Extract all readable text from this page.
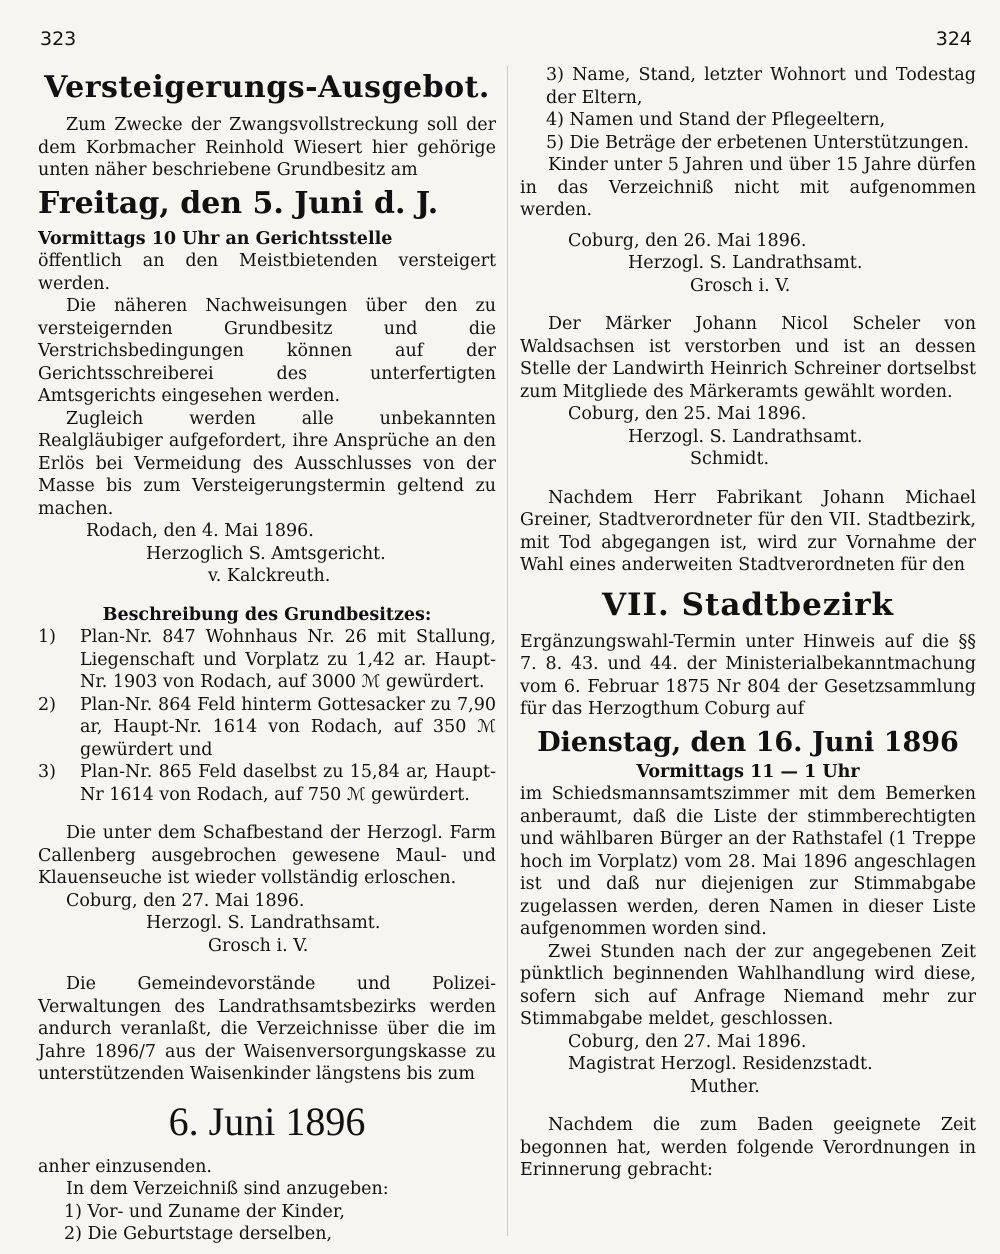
323	324
Versteigerungs-Ausgebot.

Zum Zwecke der Zwangsvollstreckung soll der dem Korbmacher Reinhold Wiesert hier gehörige unten näher beschriebene Grundbesitz am

Freitag, den 5. Juni d. J.

Vormittags 10 Uhr an Gerichtsstelle

öffentlich an den Meistbietenden versteigert werden.

Die näheren Nachweisungen über den zu versteigernden Grundbesitz und die Verstrichsbedingungen können auf der Gerichtsschreiberei des unterfertigten Amtsgerichts eingesehen werden.

Zugleich werden alle unbekannten Realgläubiger aufgefordert, ihre Ansprüche an den Erlös bei Vermeidung des Ausschlusses von der Masse bis zum Versteigerungstermin geltend zu machen.

Rodach, den 4. Mai 1896.

Herzoglich S. Amtsgericht.

v. Kalckreuth.

Beschreibung des Grundbesitzes:

1)	Plan-Nr. 847 Wohnhaus Nr. 26 mit Stallung, Liegenschaft und Vorplatz zu 1,42 ar. Haupt-Nr. 1903 von Rodach, auf 3000 ℳ gewürdert.
2)	Plan-Nr. 864 Feld hinterm Gottesacker zu 7,90 ar, Haupt-Nr. 1614 von Rodach, auf 350 ℳ gewürdert und
3)	Plan-Nr. 865 Feld daselbst zu 15,84 ar, Haupt-Nr 1614 von Rodach, auf 750 ℳ gewürdert.

Die unter dem Schafbestand der Herzogl. Farm Callenberg ausgebrochen gewesene Maul- und Klauenseuche ist wieder vollständig erloschen.

Coburg, den 27. Mai 1896.

Herzogl. S. Landrathsamt.

Grosch i. V.

Die Gemeindevorstände und Polizei-Verwaltungen des Landrathsamtsbezirks werden andurch veranlaßt, die Verzeichnisse über die im Jahre 1896/7 aus der Waisenversorgungskasse zu unterstützenden Waisenkinder längstens bis zum

6. Juni 1896

anher einzusenden.

In dem Verzeichniß sind anzugeben:

1) Vor- und Zuname der Kinder,

2) Die Geburtstage derselben,

3) Name, Stand, letzter Wohnort und Todestag der Eltern,

4) Namen und Stand der Pflegeeltern,

5) Die Beträge der erbetenen Unterstützungen.

Kinder unter 5 Jahren und über 15 Jahre dürfen in das Verzeichniß nicht mit aufgenommen werden.

Coburg, den 26. Mai 1896.

Herzogl. S. Landrathsamt.

Grosch i. V.

Der Märker Johann Nicol Scheler von Waldsachsen ist verstorben und ist an dessen Stelle der Landwirth Heinrich Schreiner dortselbst zum Mitgliede des Märkeramts gewählt worden.

Coburg, den 25. Mai 1896.

Herzogl. S. Landrathsamt.

Schmidt.

Nachdem Herr Fabrikant Johann Michael Greiner, Stadtverordneter für den VII. Stadtbezirk, mit Tod abgegangen ist, wird zur Vornahme der Wahl eines anderweiten Stadtverordneten für den

VII. Stadtbezirk

Ergänzungswahl-Termin unter Hinweis auf die §§ 7. 8. 43. und 44. der Ministerialbekanntmachung vom 6. Februar 1875 Nr 804 der Gesetzsammlung für das Herzogthum Coburg auf

Dienstag, den 16. Juni 1896

Vormittags 11 — 1 Uhr

im Schiedsmannsamtszimmer mit dem Bemerken anberaumt, daß die Liste der stimmberechtigten und wählbaren Bürger an der Rathstafel (1 Treppe hoch im Vorplatz) vom 28. Mai 1896 angeschlagen ist und daß nur diejenigen zur Stimmabgabe zugelassen werden, deren Namen in dieser Liste aufgenommen worden sind.

Zwei Stunden nach der zur angegebenen Zeit pünktlich beginnenden Wahlhandlung wird diese, sofern sich auf Anfrage Niemand mehr zur Stimmabgabe meldet, geschlossen.

Coburg, den 27. Mai 1896.

Magistrat Herzogl. Residenzstadt.

Muther.

Nachdem die zum Baden geeignete Zeit begonnen hat, werden folgende Verordnungen in Erinnerung gebracht:
